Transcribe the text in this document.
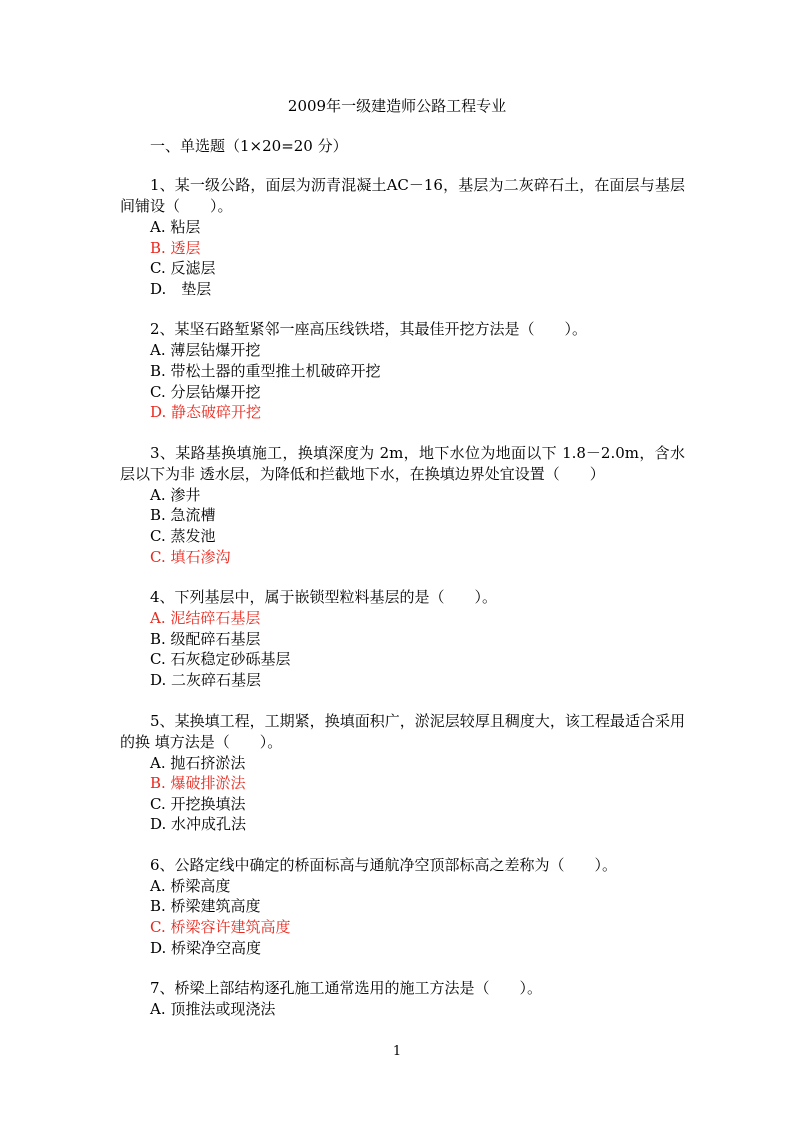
2009年一级建造师公路工程专业
一、单选题（1×20=20 分）
1、某一级公路，面层为沥青混凝土AC－16，基层为二灰碎石土，在面层与基层间铺设（　　）。
A. 粘层
B. 透层
C. 反滤层
D.　垫层
2、某坚石路堑紧邻一座高压线铁塔，其最佳开挖方法是（　　）。
A. 薄层钻爆开挖
B. 带松土器的重型推土机破碎开挖
C. 分层钻爆开挖
D. 静态破碎开挖
3、某路基换填施工，换填深度为 2m，地下水位为地面以下 1.8－2.0m，含水层以下为非 透水层，为降低和拦截地下水，在换填边界处宜设置（　　）
A. 渗井
B. 急流槽
C. 蒸发池
C. 填石渗沟
4、下列基层中，属于嵌锁型粒料基层的是（　　）。
A. 泥结碎石基层
B. 级配碎石基层
C. 石灰稳定砂砾基层
D. 二灰碎石基层
5、某换填工程，工期紧，换填面积广，淤泥层较厚且稠度大，该工程最适合采用的换 填方法是（　　）。
A. 抛石挤淤法
B. 爆破排淤法
C. 开挖换填法
D. 水冲成孔法
6、公路定线中确定的桥面标高与通航净空顶部标高之差称为（　　）。
A. 桥梁高度
B. 桥梁建筑高度
C. 桥梁容许建筑高度
D. 桥梁净空高度
7、桥梁上部结构逐孔施工通常选用的施工方法是（　　）。
A. 顶推法或现浇法
1
